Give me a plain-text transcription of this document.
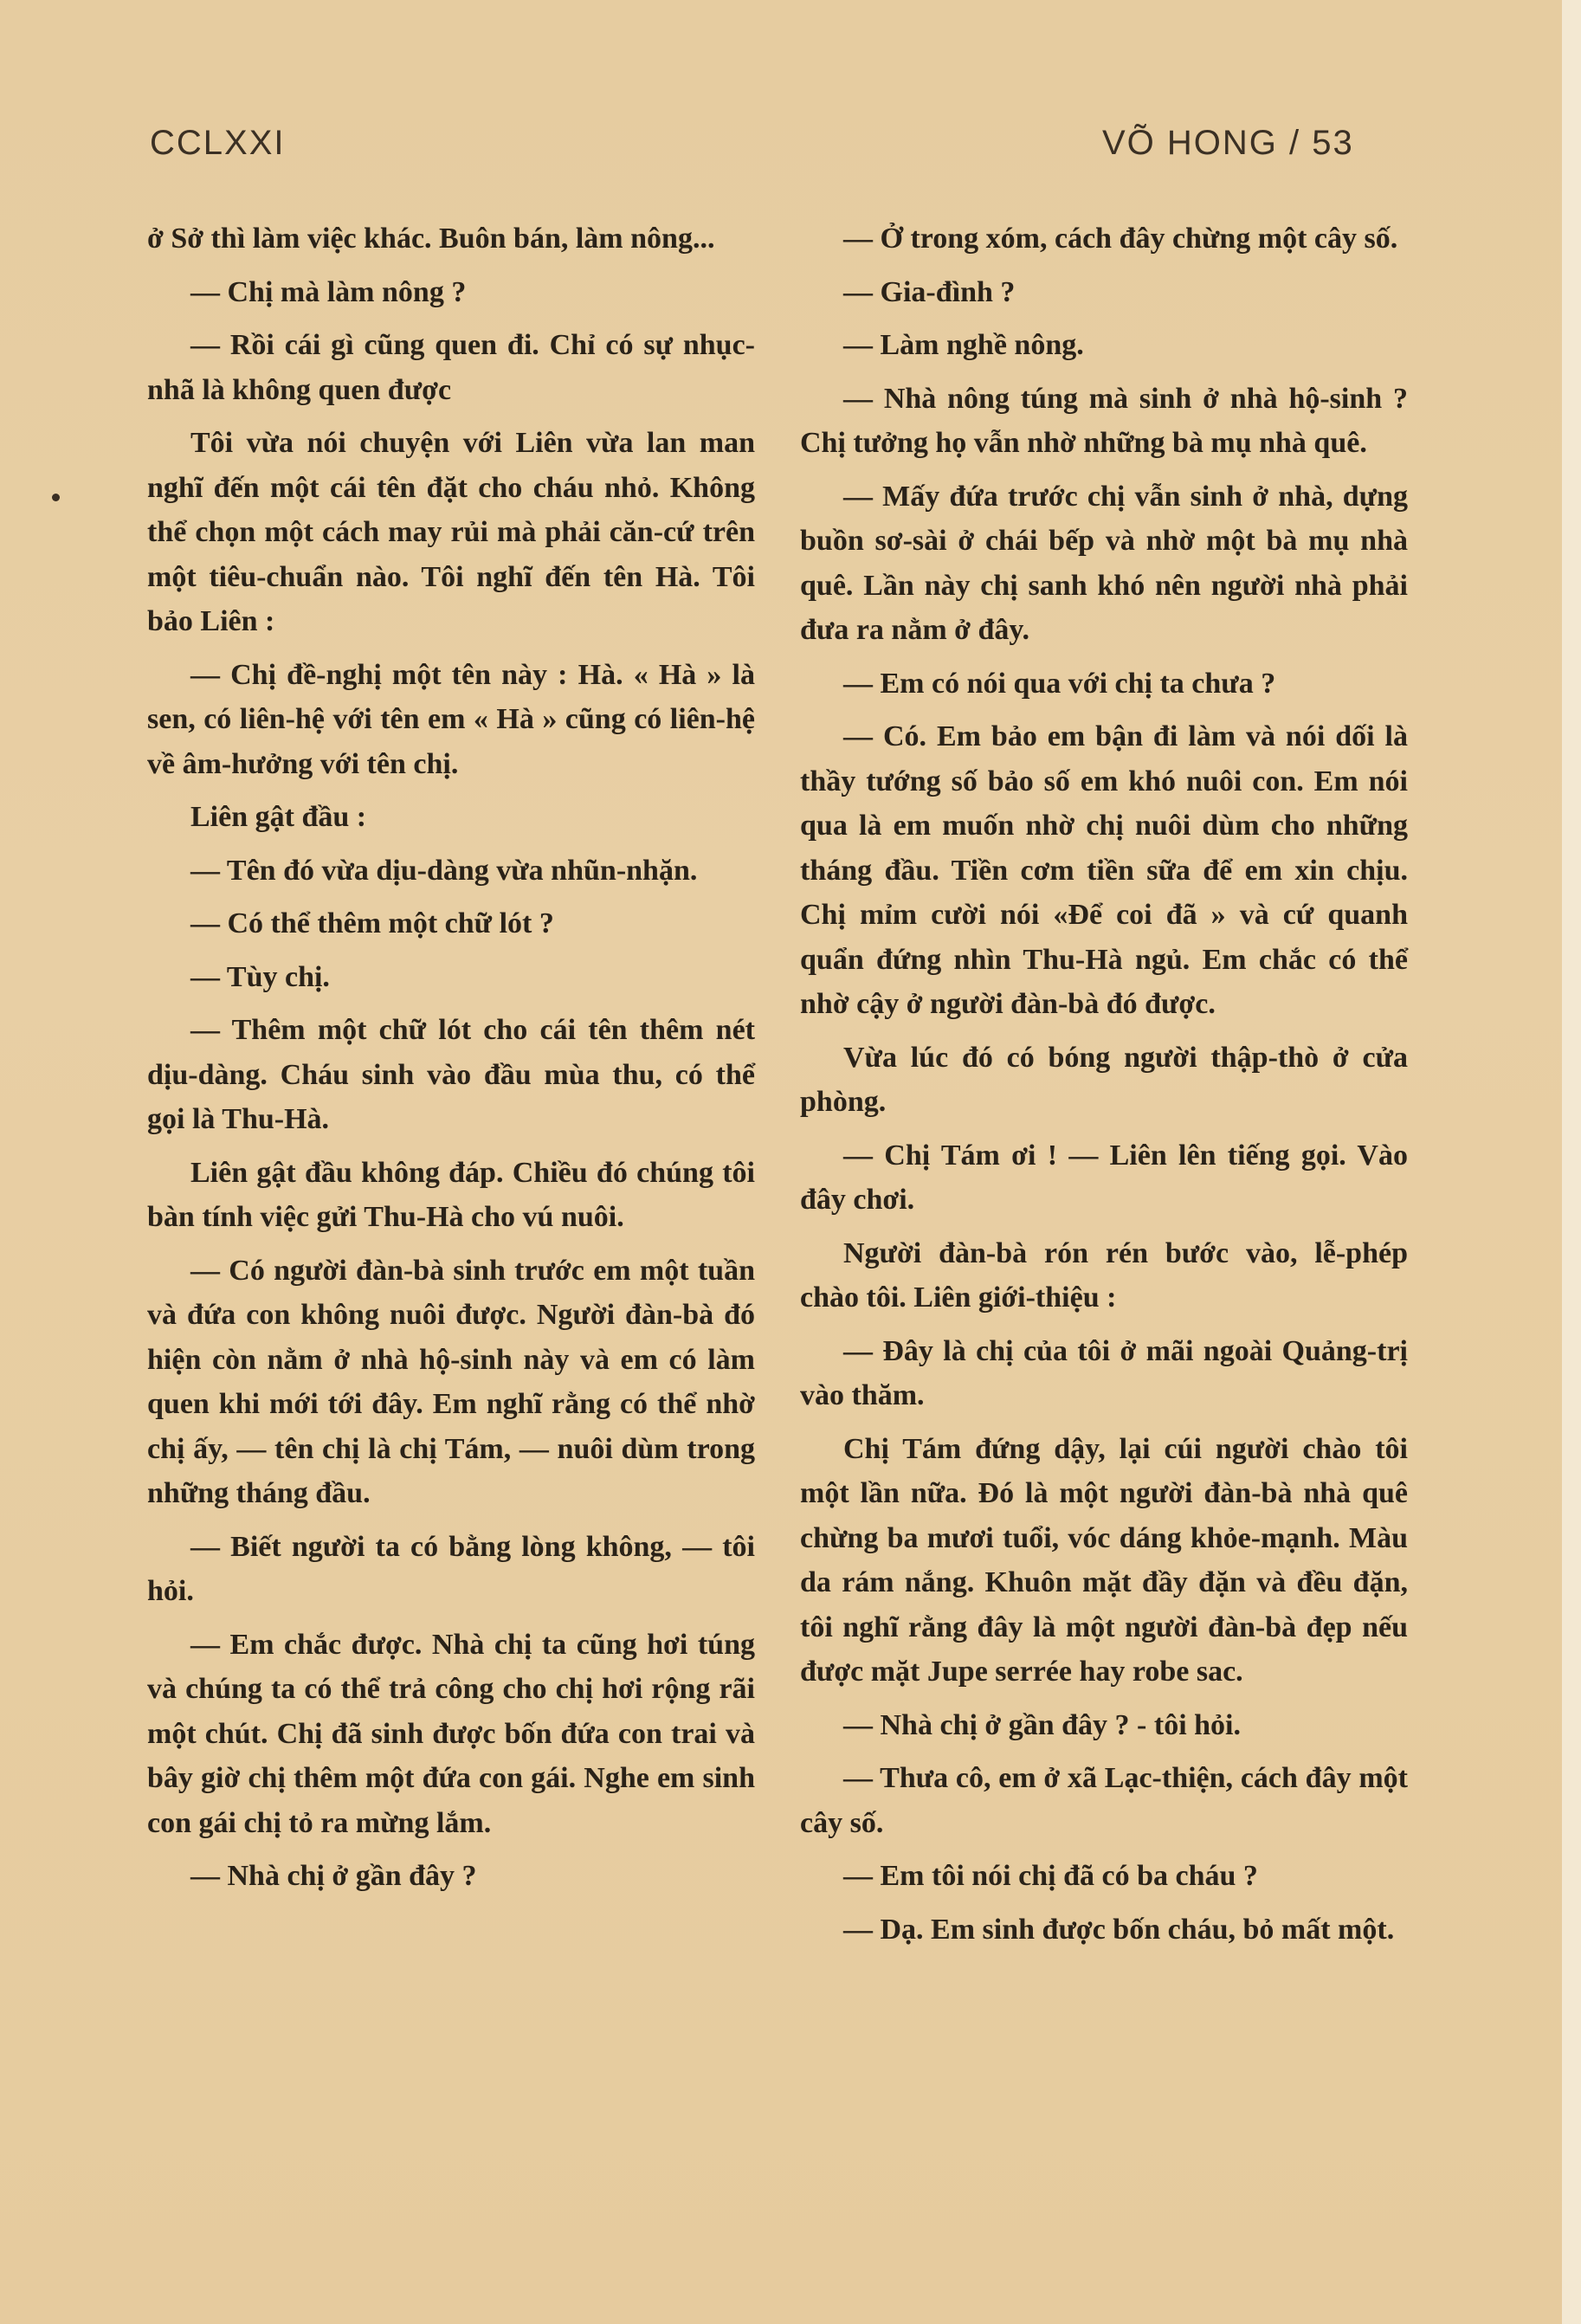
CCLXXI	VÕ HONG / 53

ở Sở thì làm việc khác. Buôn bán, làm nông...

— Chị mà làm nông ?

— Rồi cái gì cũng quen đi. Chỉ có sự nhục-nhã là không quen được

Tôi vừa nói chuyện với Liên vừa lan man nghĩ đến một cái tên đặt cho cháu nhỏ. Không thể chọn một cách may rủi mà phải căn-cứ trên một tiêu-chuẩn nào. Tôi nghĩ đến tên Hà. Tôi bảo Liên :

— Chị đề-nghị một tên này : Hà. « Hà » là sen, có liên-hệ với tên em « Hà » cũng có liên-hệ về âm-hưởng với tên chị.

Liên gật đầu :

— Tên đó vừa dịu-dàng vừa nhũn-nhặn.

— Có thể thêm một chữ lót ?

— Tùy chị.

— Thêm một chữ lót cho cái tên thêm nét dịu-dàng. Cháu sinh vào đầu mùa thu, có thể gọi là Thu-Hà.

Liên gật đầu không đáp. Chiều đó chúng tôi bàn tính việc gửi Thu-Hà cho vú nuôi.

— Có người đàn-bà sinh trước em một tuần và đứa con không nuôi được. Người đàn-bà đó hiện còn nằm ở nhà hộ-sinh này và em có làm quen khi mới tới đây. Em nghĩ rằng có thể nhờ chị ấy, — tên chị là chị Tám, — nuôi dùm trong những tháng đầu.

— Biết người ta có bằng lòng không, — tôi hỏi.

— Em chắc được. Nhà chị ta cũng hơi túng và chúng ta có thể trả công cho chị hơi rộng rãi một chút. Chị đã sinh được bốn đứa con trai và bây giờ chị thêm một đứa con gái. Nghe em sinh con gái chị tỏ ra mừng lắm.

— Nhà chị ở gần đây ?

— Ở trong xóm, cách đây chừng một cây số.

— Gia-đình ?

— Làm nghề nông.

— Nhà nông túng mà sinh ở nhà hộ-sinh ? Chị tưởng họ vẫn nhờ những bà mụ nhà quê.

— Mấy đứa trước chị vẫn sinh ở nhà, dựng buồn sơ-sài ở chái bếp và nhờ một bà mụ nhà quê. Lần này chị sanh khó nên người nhà phải đưa ra nằm ở đây.

— Em có nói qua với chị ta chưa ?

— Có. Em bảo em bận đi làm và nói dối là thầy tướng số bảo số em khó nuôi con. Em nói qua là em muốn nhờ chị nuôi dùm cho những tháng đầu. Tiền cơm tiền sữa để em xin chịu. Chị mỉm cười nói «Để coi đã » và cứ quanh quẩn đứng nhìn Thu-Hà ngủ. Em chắc có thể nhờ cậy ở người đàn-bà đó được.

Vừa lúc đó có bóng người thập-thò ở cửa phòng.

— Chị Tám ơi ! — Liên lên tiếng gọi. Vào đây chơi.

Người đàn-bà rón rén bước vào, lễ-phép chào tôi. Liên giới-thiệu :

— Đây là chị của tôi ở mãi ngoài Quảng-trị vào thăm.

Chị Tám đứng dậy, lại cúi người chào tôi một lần nữa. Đó là một người đàn-bà nhà quê chừng ba mươi tuổi, vóc dáng khỏe-mạnh. Màu da rám nắng. Khuôn mặt đầy đặn và đều đặn, tôi nghĩ rằng đây là một người đàn-bà đẹp nếu được mặt Jupe serrée hay robe sac.

— Nhà chị ở gần đây ? - tôi hỏi.

— Thưa cô, em ở xã Lạc-thiện, cách đây một cây số.

— Em tôi nói chị đã có ba cháu ?

— Dạ. Em sinh được bốn cháu, bỏ mất một.
